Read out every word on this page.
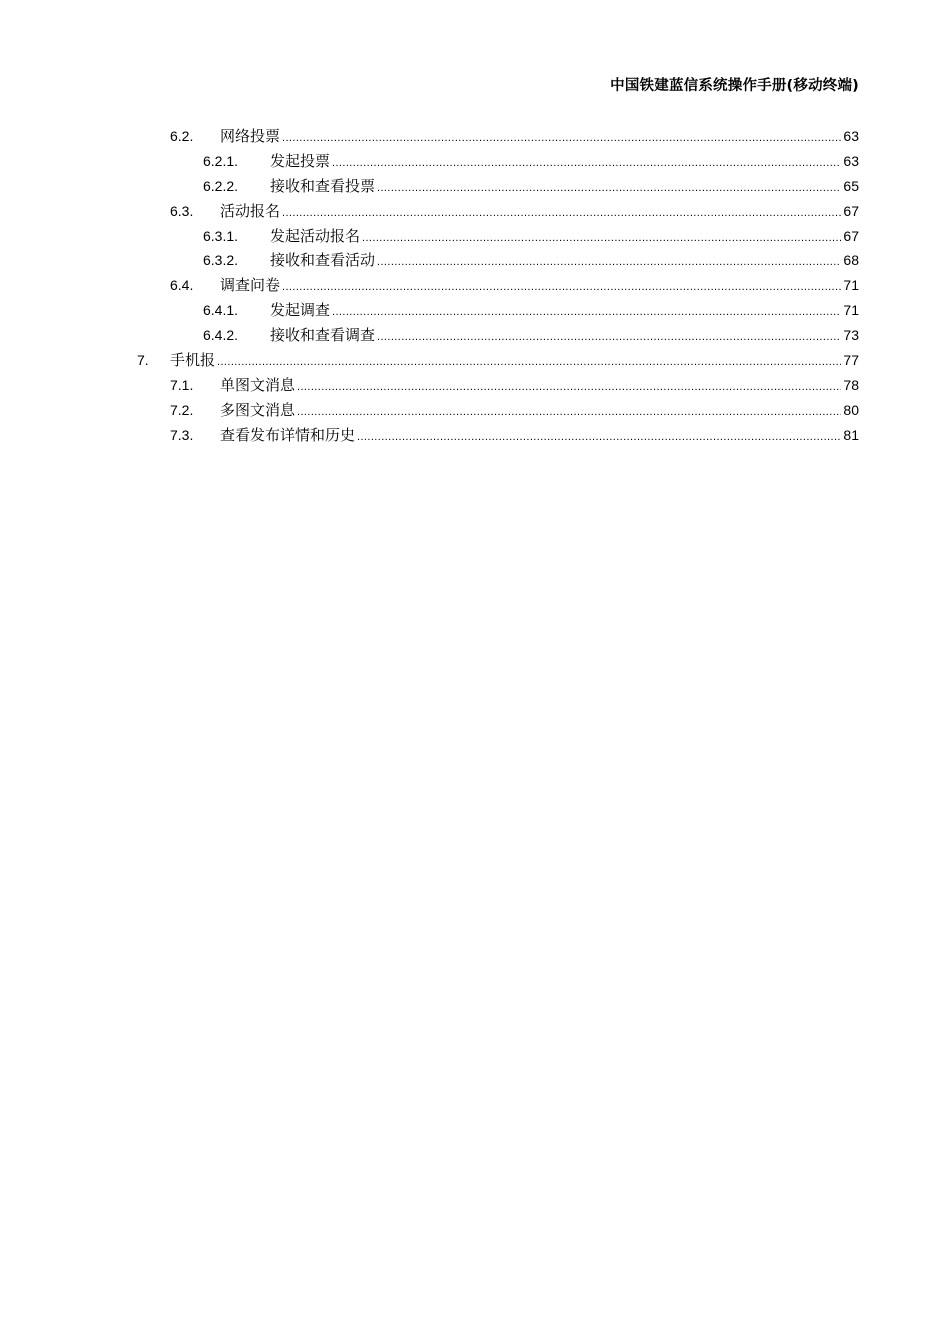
中国铁建蓝信系统操作手册(移动终端)
6.2. 网络投票 .....	63
6.2.1. 发起投票 .....	63
6.2.2. 接收和查看投票 .....	65
6.3. 活动报名 .....	67
6.3.1. 发起活动报名 .....	67
6.3.2. 接收和查看活动 .....	68
6.4. 调查问卷 .....	71
6.4.1. 发起调查 .....	71
6.4.2. 接收和查看调查 .....	73
7. 手机报 .....	77
7.1. 单图文消息 .....	78
7.2. 多图文消息 .....	80
7.3. 查看发布详情和历史 .....	81
